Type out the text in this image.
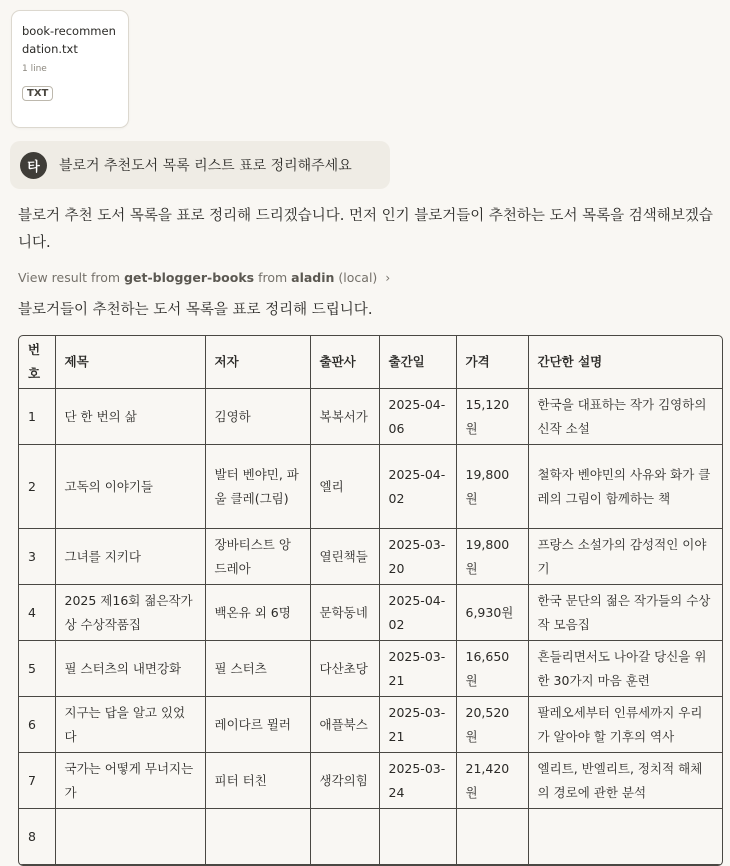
book-recommendation.txt
1 line
TXT
타	블로거 추천도서 목록 리스트 표로 정리해주세요
블로거 추천 도서 목록을 표로 정리해 드리겠습니다. 먼저 인기 블로거들이 추천하는 도서 목록을 검색해보겠습니다.
View result from
get-blogger-books
from
aladin
(local) ›
블로거들이 추천하는 도서 목록을 표로 정리해 드립니다.
번호	제목	저자	출판사	출간일	가격	간단한 설명
1	단 한 번의 삶	김영하	복복서가	2025-04-06	15,120원	한국을 대표하는 작가 김영하의 신작 소설
2	고독의 이야기들	발터 벤야민, 파울 클레(그림)	엘리	2025-04-02	19,800원	철학자 벤야민의 사유와 화가 클레의 그림이 함께하는 책
3	그녀를 지키다	장바티스트 앙드레아	열린책들	2025-03-20	19,800원	프랑스 소설가의 감성적인 이야기
4	2025 제16회 젊은작가상 수상작품집	백온유 외 6명	문학동네	2025-04-02	6,930원	한국 문단의 젊은 작가들의 수상작 모음집
5	필 스터츠의 내면강화	필 스터츠	다산초당	2025-03-21	16,650원	흔들리면서도 나아갈 당신을 위한 30가지 마음 훈련
6	지구는 답을 알고 있었다	레이다르 뮐러	애플북스	2025-03-21	20,520원	팔레오세부터 인류세까지 우리가 알아야 할 기후의 역사
7	국가는 어떻게 무너지는가	피터 터친	생각의힘	2025-03-24	21,420원	엘리트, 반엘리트, 정치적 해체의 경로에 관한 분석
8						
